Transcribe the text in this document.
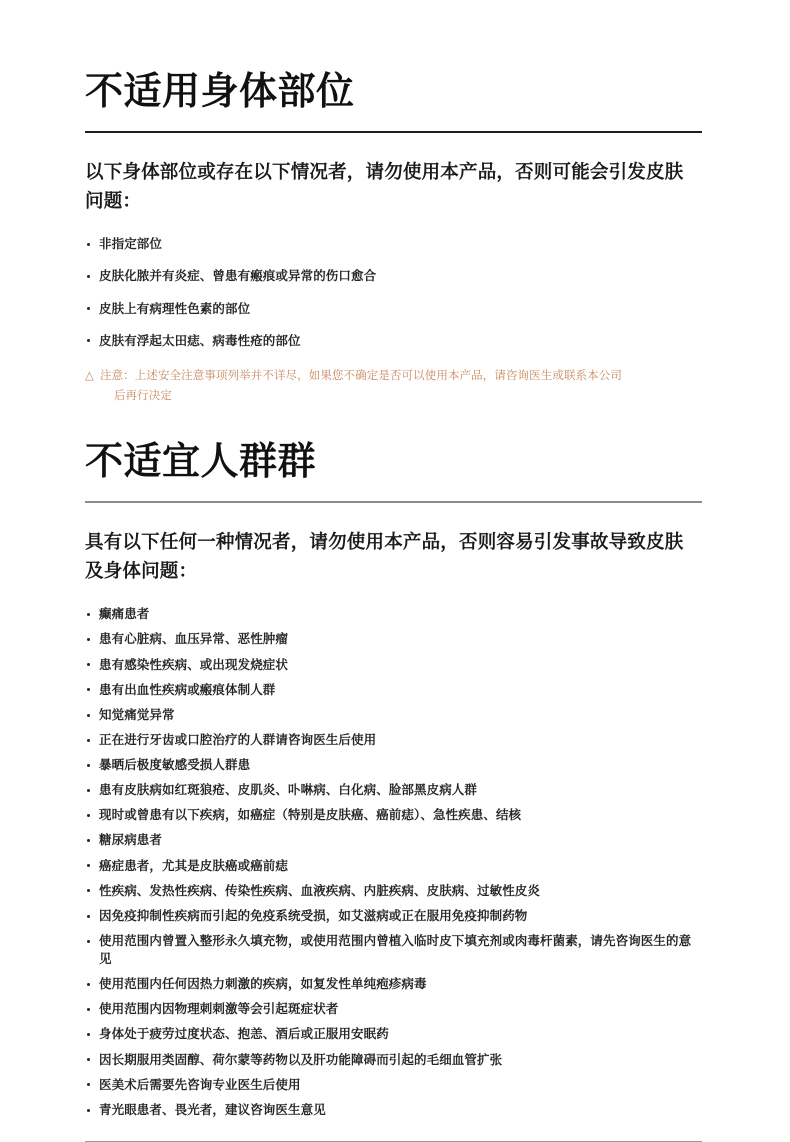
不适用身体部位

以下身体部位或存在以下情况者，请勿使用本产品，否则可能会引发皮肤问题：

非指定部位
皮肤化脓并有炎症、曾患有瘢痕或异常的伤口愈合
皮肤上有病理性色素的部位
皮肤有浮起太田痣、病毒性疮的部位
△ 注意：上述安全注意事项列举并不详尽，如果您不确定是否可以使用本产品，请咨询医生或联系本公司
后再行决定
不适宜人群群

具有以下任何一种情况者，请勿使用本产品，否则容易引发事故导致皮肤及身体问题：

癫痛患者
患有心脏病、血压异常、恶性肿瘤
患有感染性疾病、或出现发烧症状
患有出血性疾病或瘢痕体制人群
知觉痛觉异常
正在进行牙齿或口腔治疗的人群请咨询医生后使用
暴晒后极度敏感受损人群患
患有皮肤病如红斑狼疮、皮肌炎、卟啉病、白化病、脸部黑皮病人群
现时或曾患有以下疾病，如癌症（特别是皮肤癌、癌前痣）、急性疾患、结核
糖尿病患者
癌症患者，尤其是皮肤癌或癌前痣
性疾病、发热性疾病、传染性疾病、血液疾病、内脏疾病、皮肤病、过敏性皮炎
因免疫抑制性疾病而引起的免疫系统受损，如艾滋病或正在服用免疫抑制药物
使用范围内曾置入整形永久填充物，或使用范围内曾植入临时皮下填充剂或肉毒杆菌素，请先咨询医生的意见
使用范围内任何因热力刺激的疾病，如复发性单纯疱疹病毒
使用范围内因物理刺刺激等会引起斑症状者
身体处于疲劳过度状态、抱恙、酒后或正服用安眠药
因长期服用类固醇、荷尔蒙等药物以及肝功能障碍而引起的毛细血管扩张
医美术后需要先咨询专业医生后使用
青光眼患者、畏光者，建议咨询医生意见
